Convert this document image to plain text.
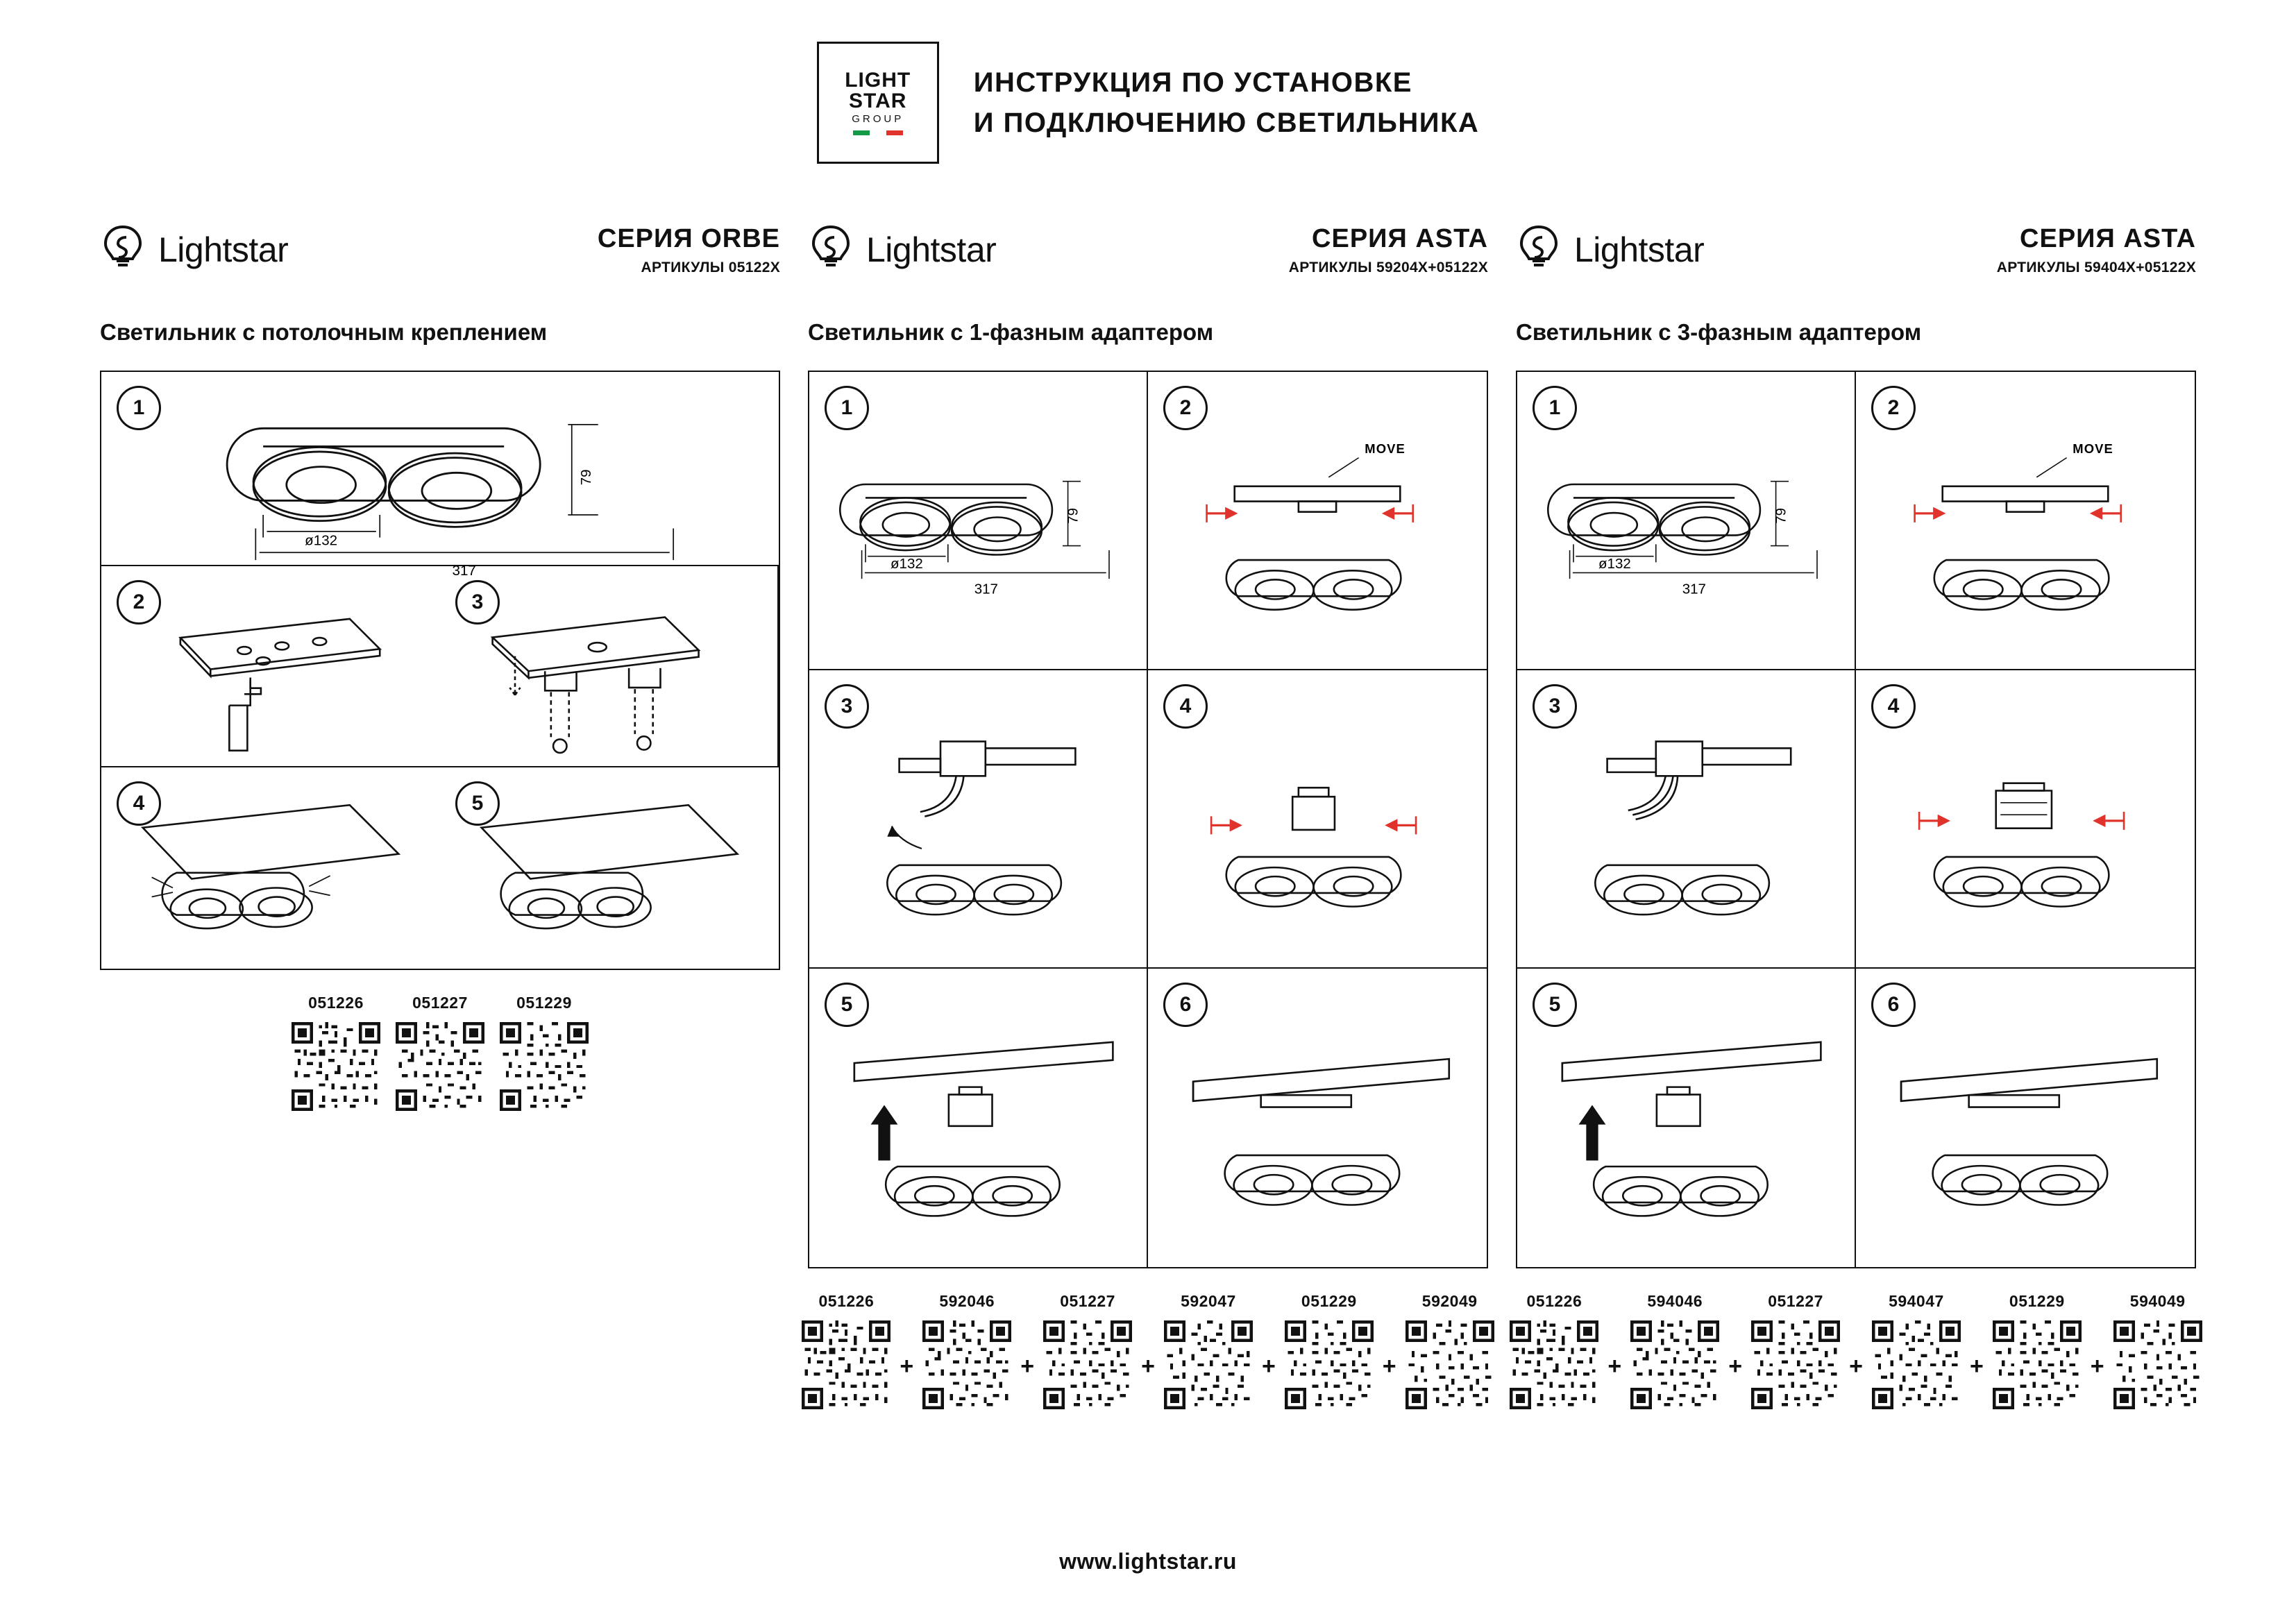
LIGHT
STAR
GROUP
ИНСТРУКЦИЯ ПО УСТАНОВКЕ
И ПОДКЛЮЧЕНИЮ СВЕТИЛЬНИКА
Lightstar	СЕРИЯ ORBE
АРТИКУЛЫ 05122Х
Светильник с потолочным креплением
1
79
ø132
317
2	3
4	5
051226	051227	051229
Lightstar	СЕРИЯ ASTA
АРТИКУЛЫ 59204Х+05122Х
Светильник с 1-фазным адаптером
1
79
ø132
317
2
MOVE
3	4
5	6
051226
+
592046
+
051227
+
592047
+
051229
+
592049
Lightstar	СЕРИЯ ASTA
АРТИКУЛЫ 59404Х+05122Х
Светильник с 3-фазным адаптером
1
79
ø132
317
2
MOVE
3	4
5	6
051226
+
594046
+
051227
+
594047
+
051229
+
594049
www.lightstar.ru
